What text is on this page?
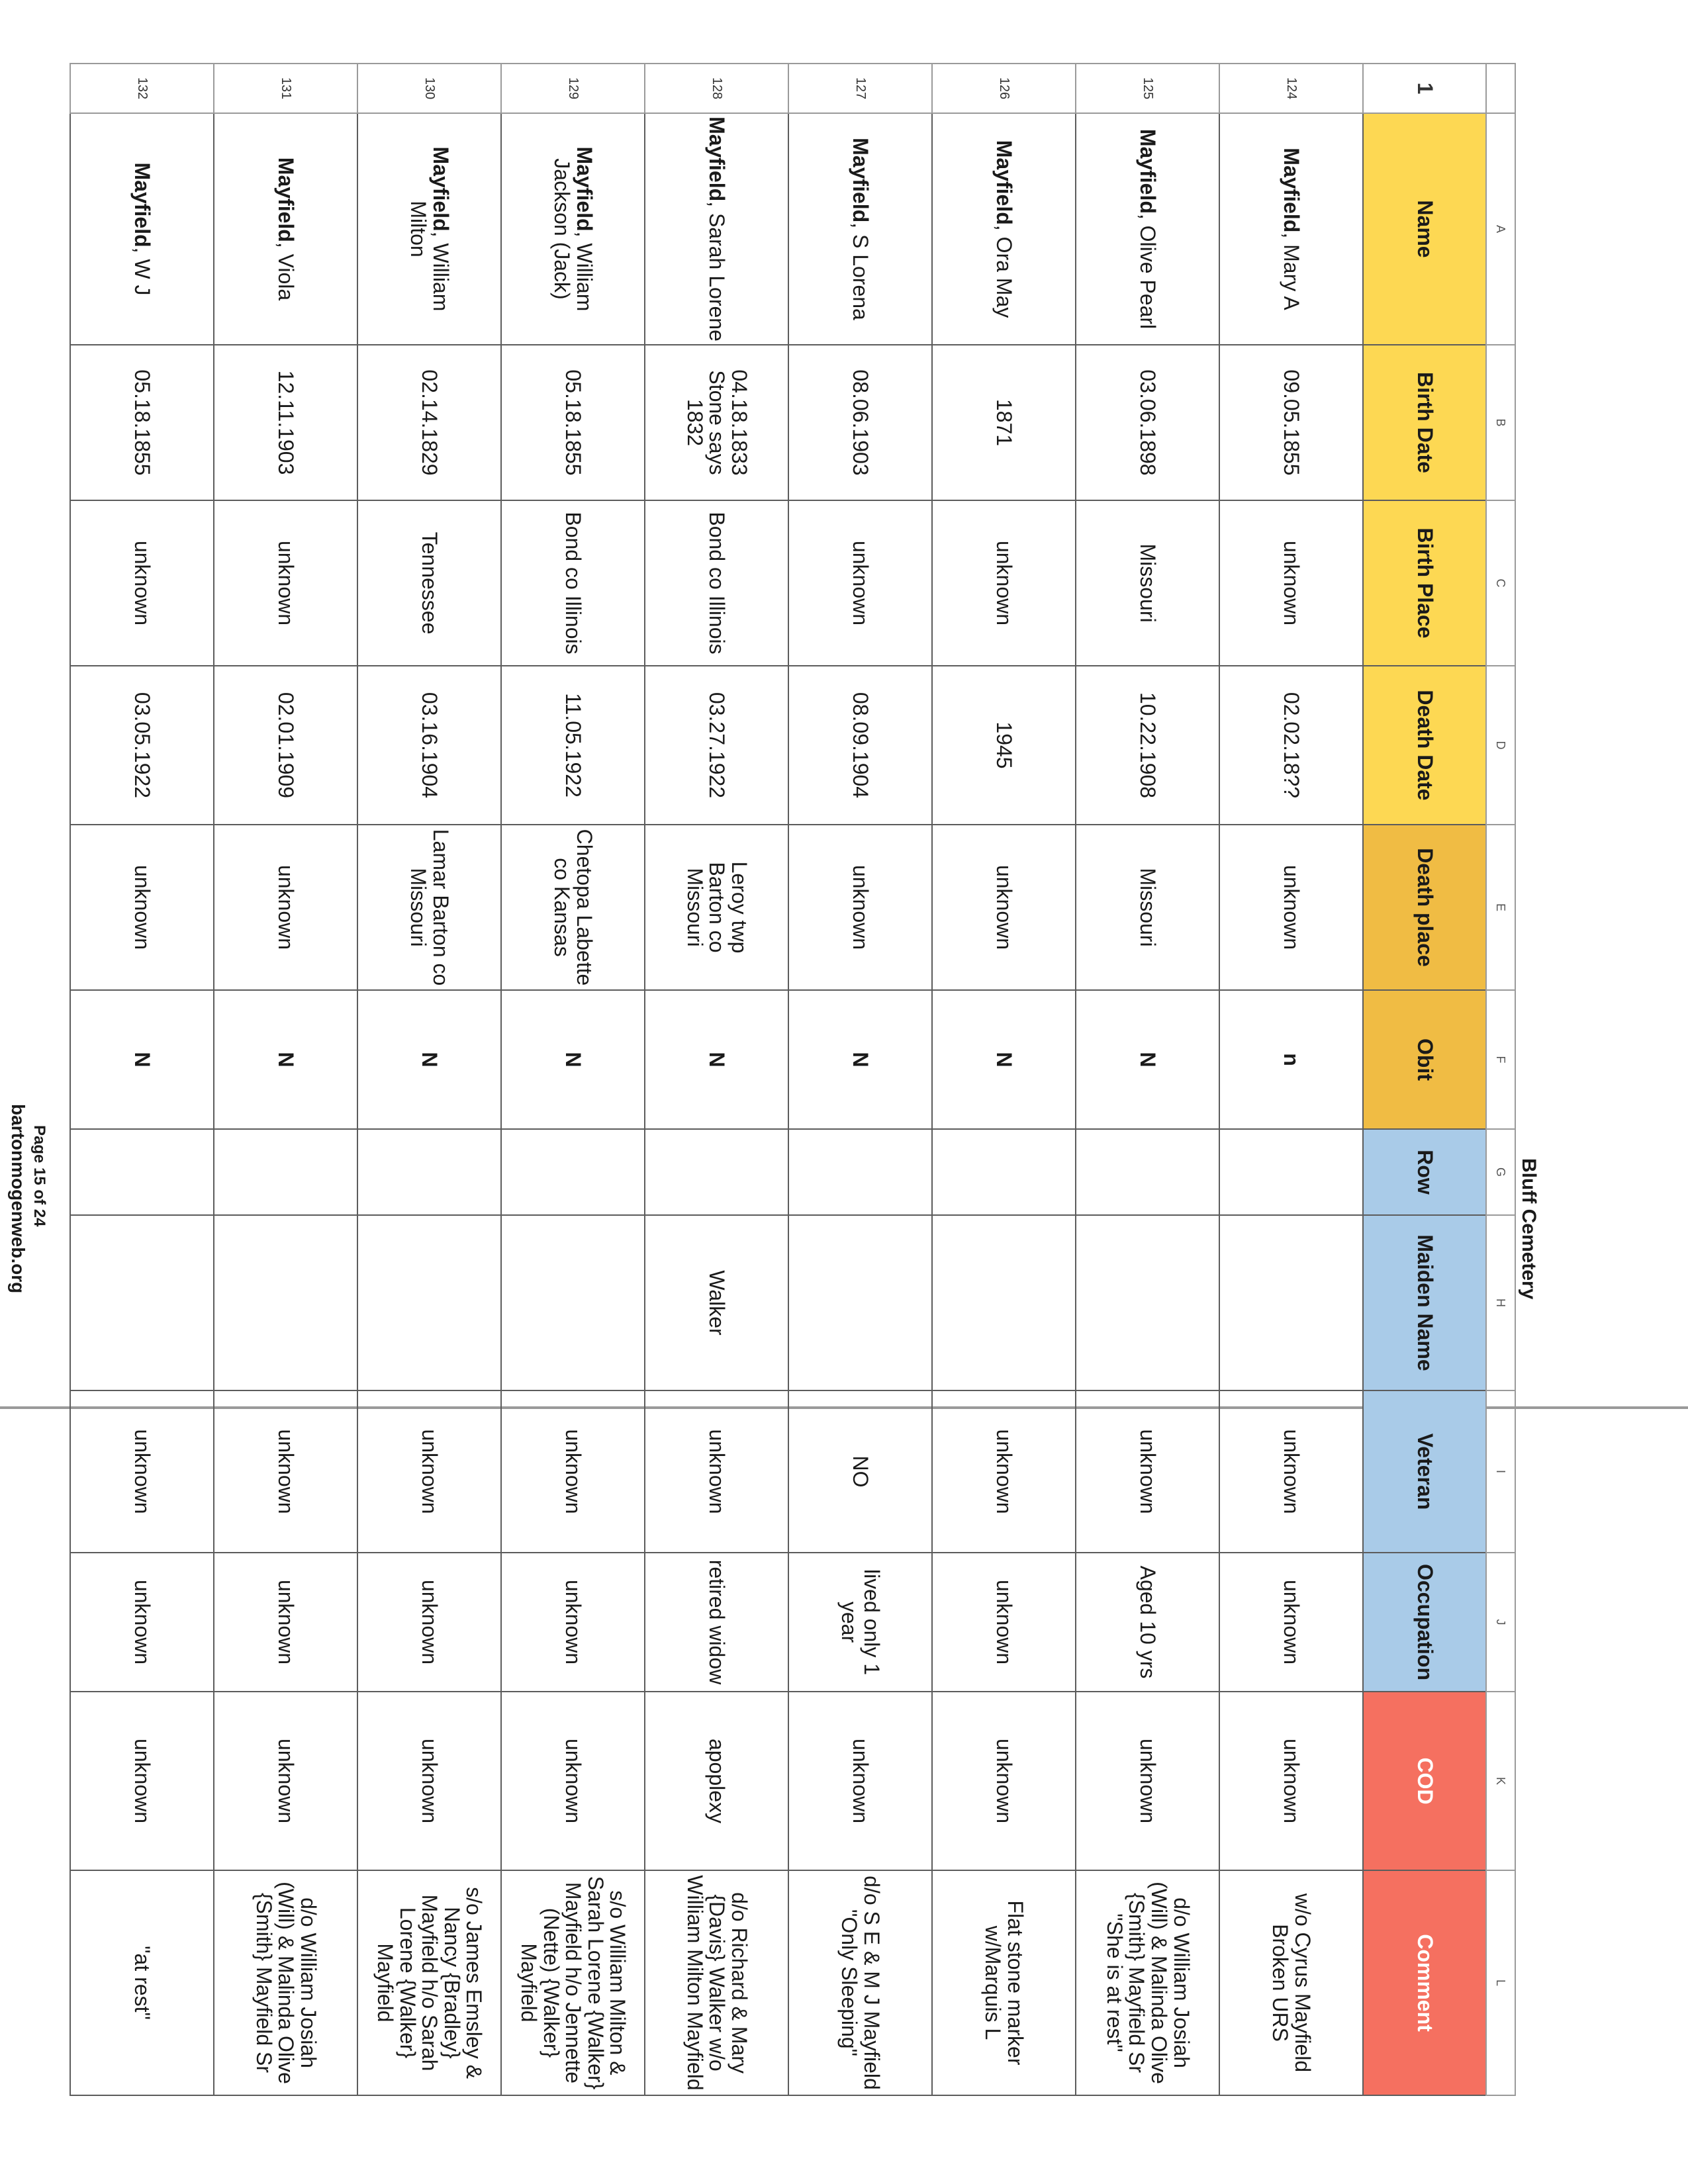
Bluff Cemetery
	A	B	C	D	E	F	G	H	I	J	K	L
1	Name	Birth Date	Birth Place	Death Date	Death place	Obit	Row	Maiden Name	Veteran	Occupation	COD	Comment
124	Mayfield, Mary A	09.05.1855	unknown	02.02.18??	unknown	n			unknown	unknown	unknown	w/o Cyrus Mayfield Broken URS
125	Mayfield, Olive Pearl	03.06.1898	Missouri	10.22.1908	Missouri	N			unknown	Aged 10 yrs	unknown	d/o William Josiah (Will) & Malinda Olive {Smith} Mayfield Sr "She is at rest"
126	Mayfield, Ora May	1871	unknown	1945	unknown	N			unknown	unknown	unknown	Flat stone marker w/Marquis L
127	Mayfield, S Lorena	08.06.1903	unknown	08.09.1904	unknown	N			NO	lived only 1 year	unknown	d/o S E & M J Mayfield "Only Sleeping"
128	Mayfield, Sarah Lorene	04.18.1833 Stone says 1832	Bond co Illinois	03.27.1922	Leroy twp Barton co Missouri	N		Walker	unknown	retired widow	apoplexy	d/o Richard & Mary {Davis} Walker w/o William Milton Mayfield
129	Mayfield, William Jackson (Jack)	05.18.1855	Bond co Illinois	11.05.1922	Chetopa Labette co Kansas	N			unknown	unknown	unknown	s/o William Milton & Sarah Lorene {Walker} Mayfield h/o Jennette (Nette) {Walker} Mayfield
130	Mayfield, William Milton	02.14.1829	Tennessee	03.16.1904	Lamar Barton co Missouri	N			unknown	unknown	unknown	s/o James Emsley & Nancy {Bradley} Mayfield h/o Sarah Lorene {Walker} Mayfield
131	Mayfield, Viola	12.11.1903	unknown	02.01.1909	unknown	N			unknown	unknown	unknown	d/o William Josiah (Will) & Malinda Olive {Smith} Mayfield Sr
132	Mayfield, W J	05.18.1855	unknown	03.05.1922	unknown	N			unknown	unknown	unknown	"at rest"
Page 15 of 24
bartonmogenweb.org
